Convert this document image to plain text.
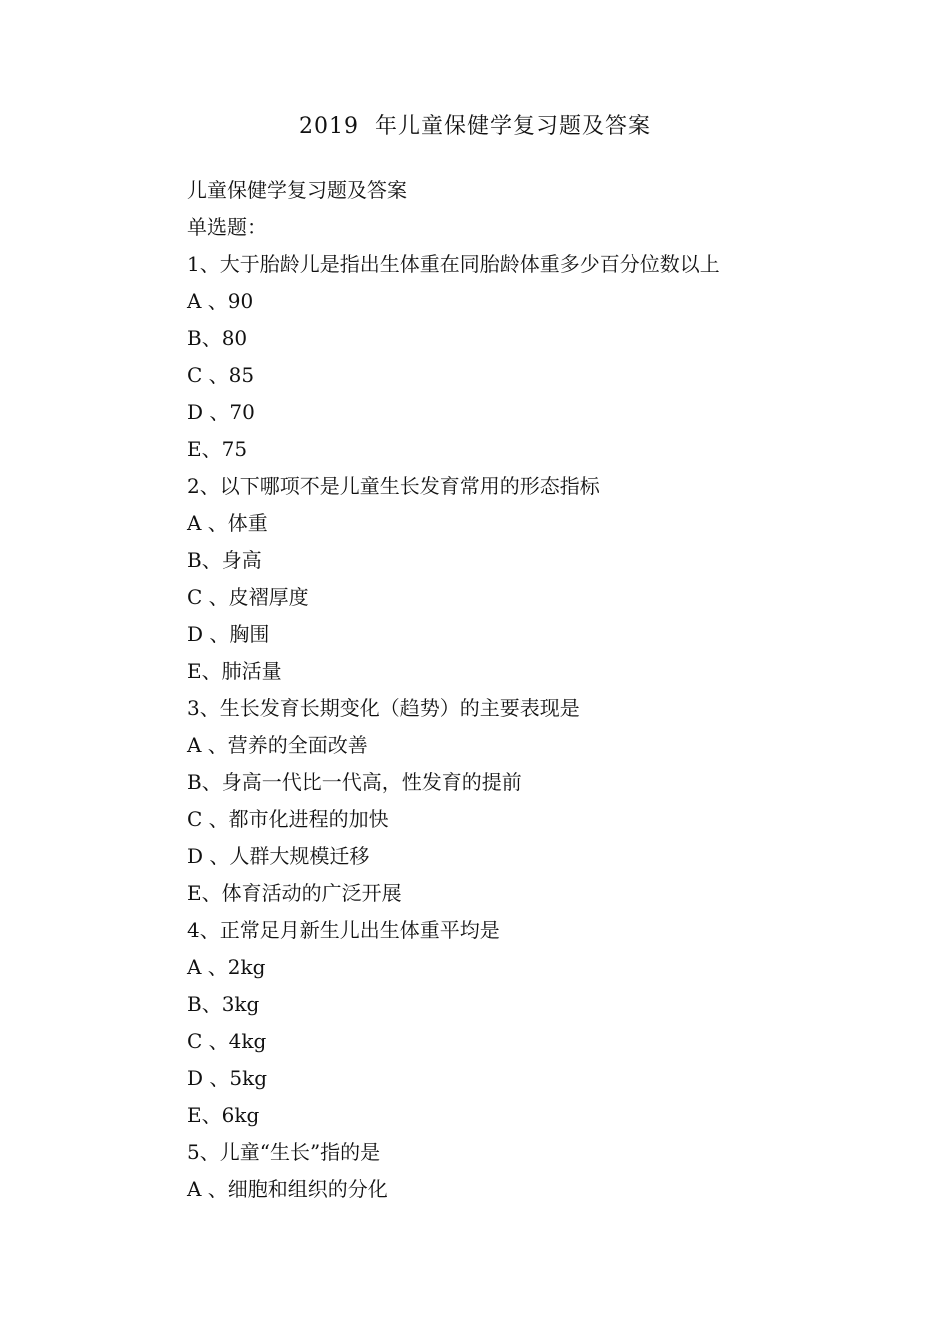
2019  年儿童保健学复习题及答案
儿童保健学复习题及答案
单选题：
1、大于胎龄儿是指出生体重在同胎龄体重多少百分位数以上
A 、90
B、80
C 、85
D 、70
E、75
2、以下哪项不是儿童生长发育常用的形态指标
A 、体重
B、身高
C 、皮褶厚度
D 、胸围
E、肺活量
3、生长发育长期变化（趋势）的主要表现是
A 、营养的全面改善
B、身高一代比一代高，性发育的提前
C 、都市化进程的加快
D 、人群大规模迁移
E、体育活动的广泛开展
4、正常足月新生儿出生体重平均是
A 、2kg
B、3kg
C 、4kg
D 、5kg
E、6kg
5、儿童“生长”指的是
A 、细胞和组织的分化
